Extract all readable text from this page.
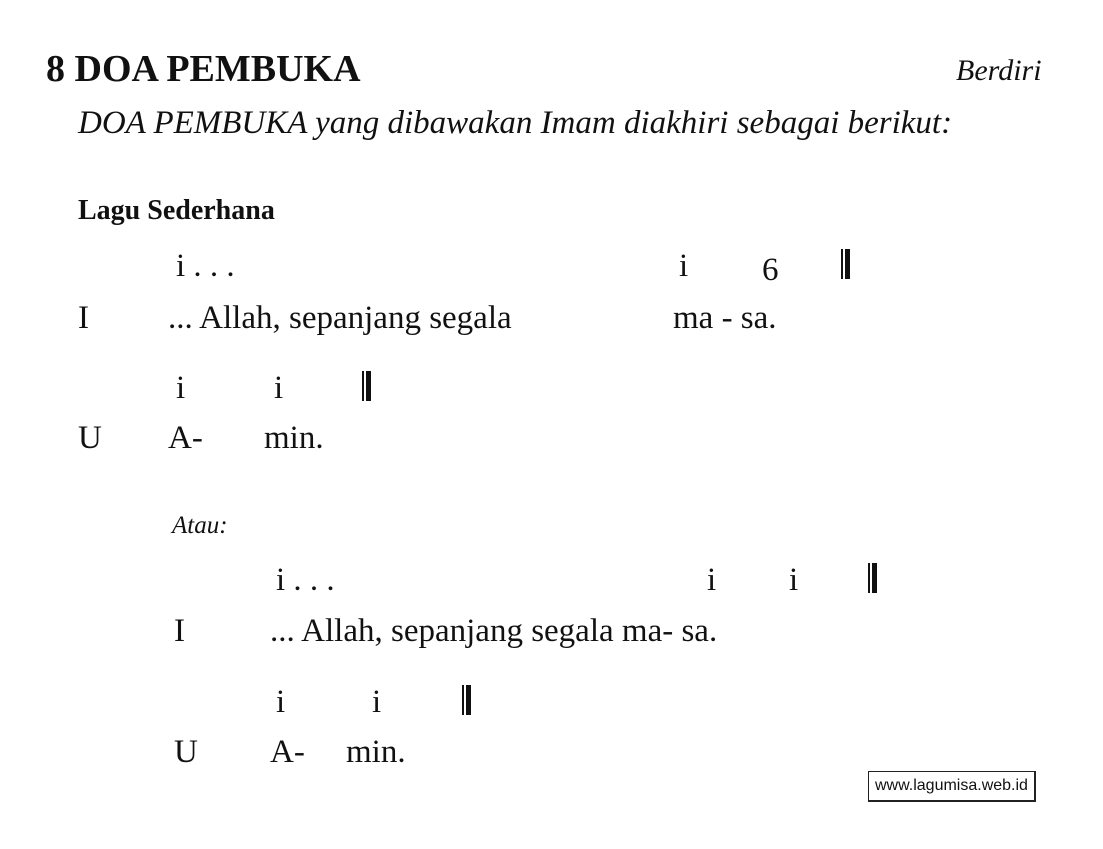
8 DOA PEMBUKA	Berdiri
DOA PEMBUKA yang dibawakan Imam diakhiri sebagai berikut:
Lagu Sederhana
i . . .	i 6
I ... Allah, sepanjang segala	ma - sa.
i	i
U A- min.
Atau:
i . . .	i i
I	... Allah, sepanjang segala ma- sa.
i	i
U A- min.
www.lagumisa.web.id
